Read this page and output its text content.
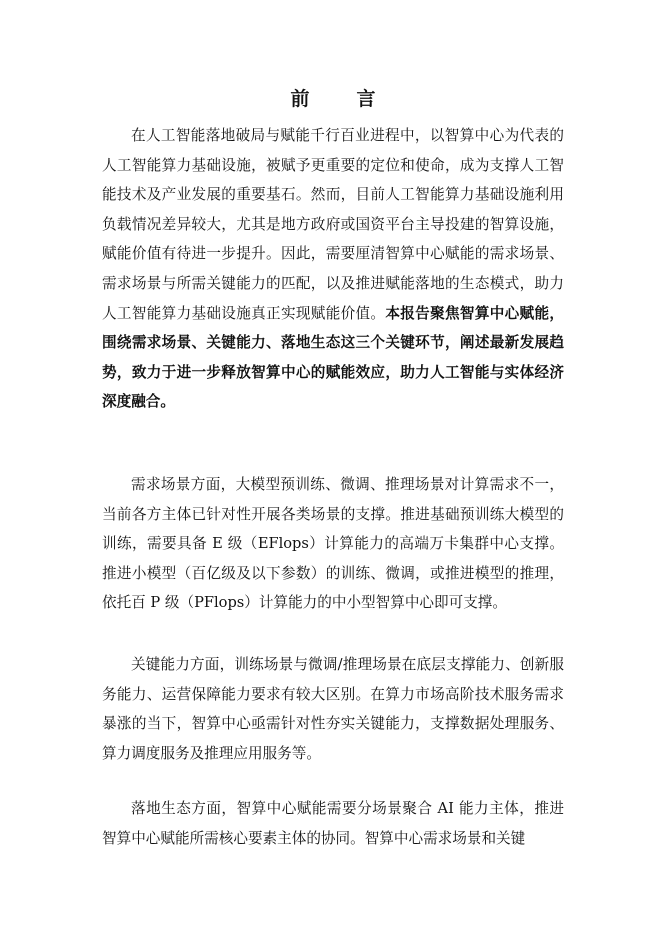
前　言

在人工智能落地破局与赋能千行百业进程中，以智算中心为代表的人工智能算力基础设施，被赋予更重要的定位和使命，成为支撑人工智能技术及产业发展的重要基石。然而，目前人工智能算力基础设施利用负载情况差异较大，尤其是地方政府或国资平台主导投建的智算设施，赋能价值有待进一步提升。因此，需要厘清智算中心赋能的需求场景、需求场景与所需关键能力的匹配，以及推进赋能落地的生态模式，助力人工智能算力基础设施真正实现赋能价值。本报告聚焦智算中心赋能，围绕需求场景、关键能力、落地生态这三个关键环节，阐述最新发展趋势，致力于进一步释放智算中心的赋能效应，助力人工智能与实体经济深度融合。

需求场景方面，大模型预训练、微调、推理场景对计算需求不一，当前各方主体已针对性开展各类场景的支撑。推进基础预训练大模型的训练，需要具备 E 级（EFlops）计算能力的高端万卡集群中心支撑。推进小模型（百亿级及以下参数）的训练、微调，或推进模型的推理，依托百 P 级（PFlops）计算能力的中小型智算中心即可支撑。

关键能力方面，训练场景与微调/推理场景在底层支撑能力、创新服务能力、运营保障能力要求有较大区别。在算力市场高阶技术服务需求暴涨的当下，智算中心亟需针对性夯实关键能力，支撑数据处理服务、算力调度服务及推理应用服务等。

落地生态方面，智算中心赋能需要分场景聚合 AI 能力主体，推进智算中心赋能所需核心要素主体的协同。智算中心需求场景和关键
